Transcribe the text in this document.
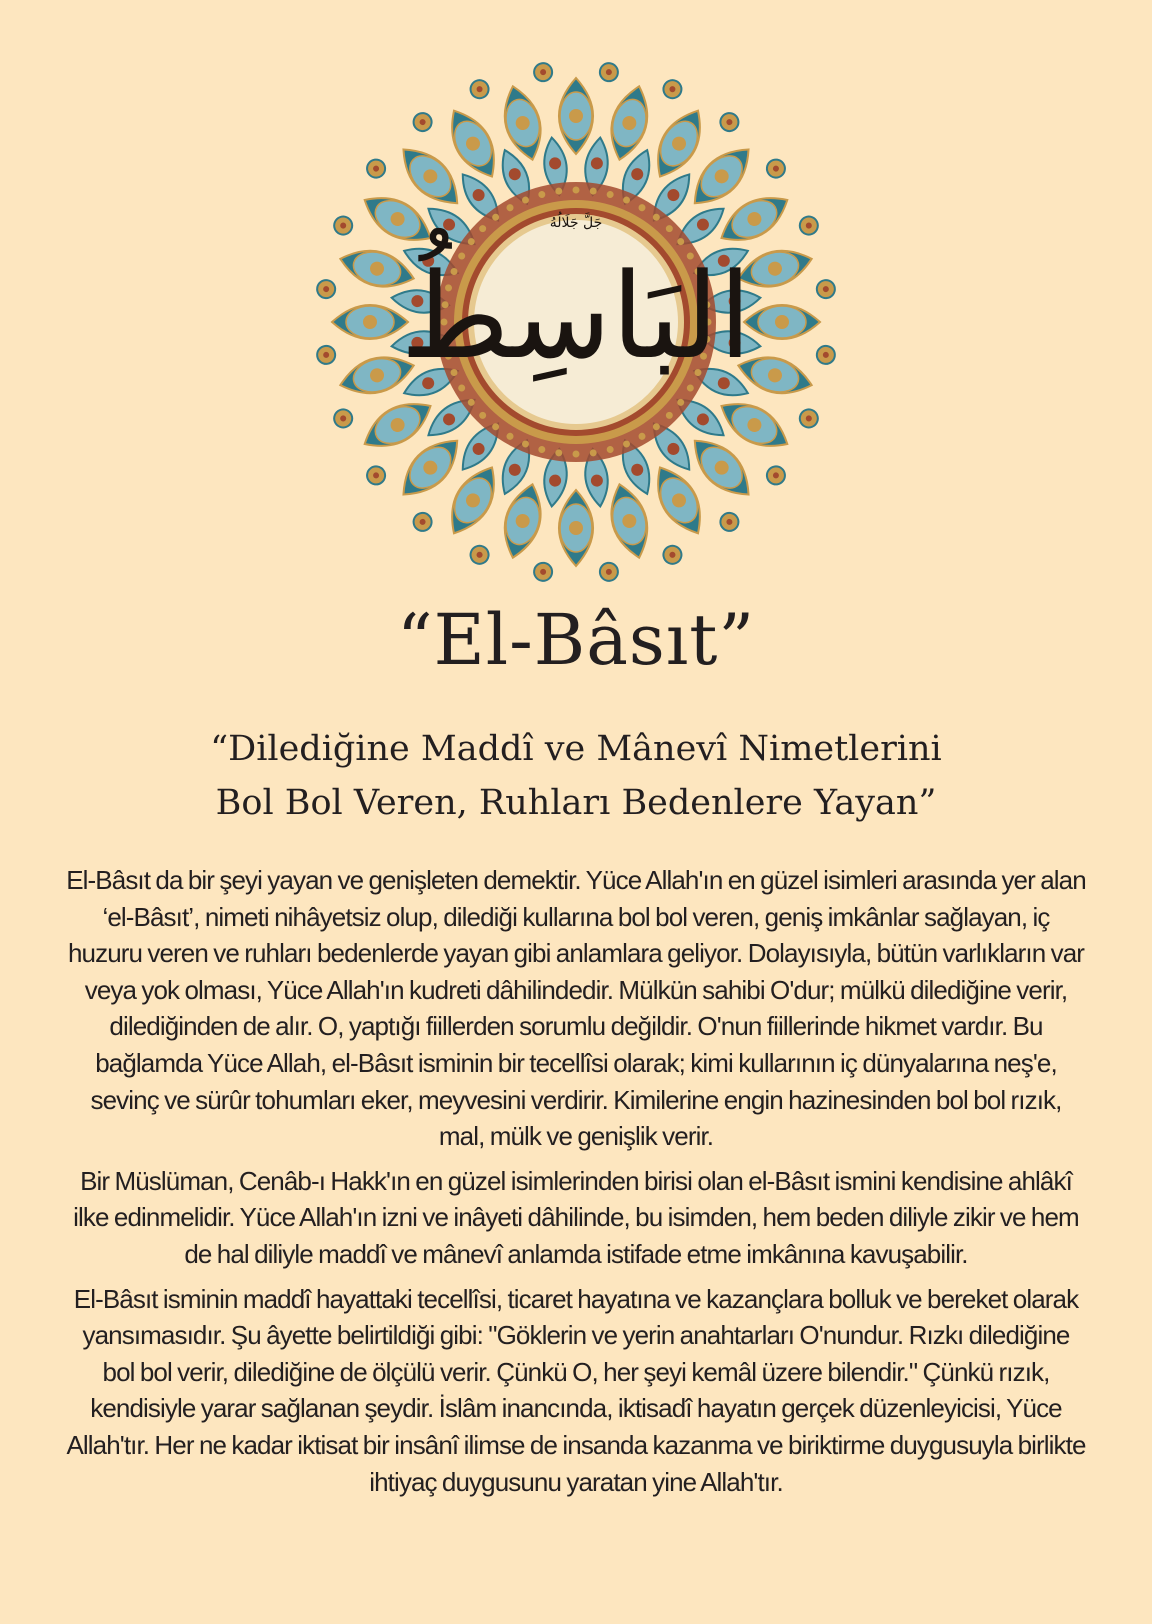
جَلَّ جَلَالُهُ
البَاسِطُ
“El-Bâsıt”
“Dilediğine Maddî ve Mânevî Nimetlerini
Bol Bol Veren, Ruhları Bedenlere Yayan”

El-Bâsıt da bir şeyi yayan ve genişleten demektir. Yüce Allah'ın en güzel isimleri arasında yer alan ‘el-Bâsıt’, nimeti nihâyetsiz olup, dilediği kullarına bol bol veren, geniş imkânlar sağlayan, iç huzuru veren ve ruhları bedenlerde yayan gibi anlamlara geliyor. Dolayısıyla, bütün varlıkların var veya yok olması, Yüce Allah'ın kudreti dâhilindedir. Mülkün sahibi O'dur; mülkü dilediğine verir, dilediğinden de alır. O, yaptığı fiillerden sorumlu değildir. O'nun fiillerinde hikmet vardır. Bu bağlamda Yüce Allah, el-Bâsıt isminin bir tecellîsi olarak; kimi kullarının iç dünyalarına neş'e, sevinç ve sürûr tohumları eker, meyvesini verdirir. Kimilerine engin hazinesinden bol bol rızık, mal, mülk ve genişlik verir.

Bir Müslüman, Cenâb-ı Hakk'ın en güzel isimlerinden birisi olan el-Bâsıt ismini kendisine ahlâkî ilke edinmelidir. Yüce Allah'ın izni ve inâyeti dâhilinde, bu isimden, hem beden diliyle zikir ve hem de hal diliyle maddî ve mânevî anlamda istifade etme imkânına kavuşabilir.

El-Bâsıt isminin maddî hayattaki tecellîsi, ticaret hayatına ve kazançlara bolluk ve bereket olarak yansımasıdır. Şu âyette belirtildiği gibi: "Göklerin ve yerin anahtarları O'nundur. Rızkı dilediğine bol bol verir, dilediğine de ölçülü verir. Çünkü O, her şeyi kemâl üzere bilendir." Çünkü rızık, kendisiyle yarar sağlanan şeydir. İslâm inancında, iktisadî hayatın gerçek düzenleyicisi, Yüce Allah'tır. Her ne kadar iktisat bir insânî ilimse de insanda kazanma ve biriktirme duygusuyla birlikte ihtiyaç duygusunu yaratan yine Allah'tır.
